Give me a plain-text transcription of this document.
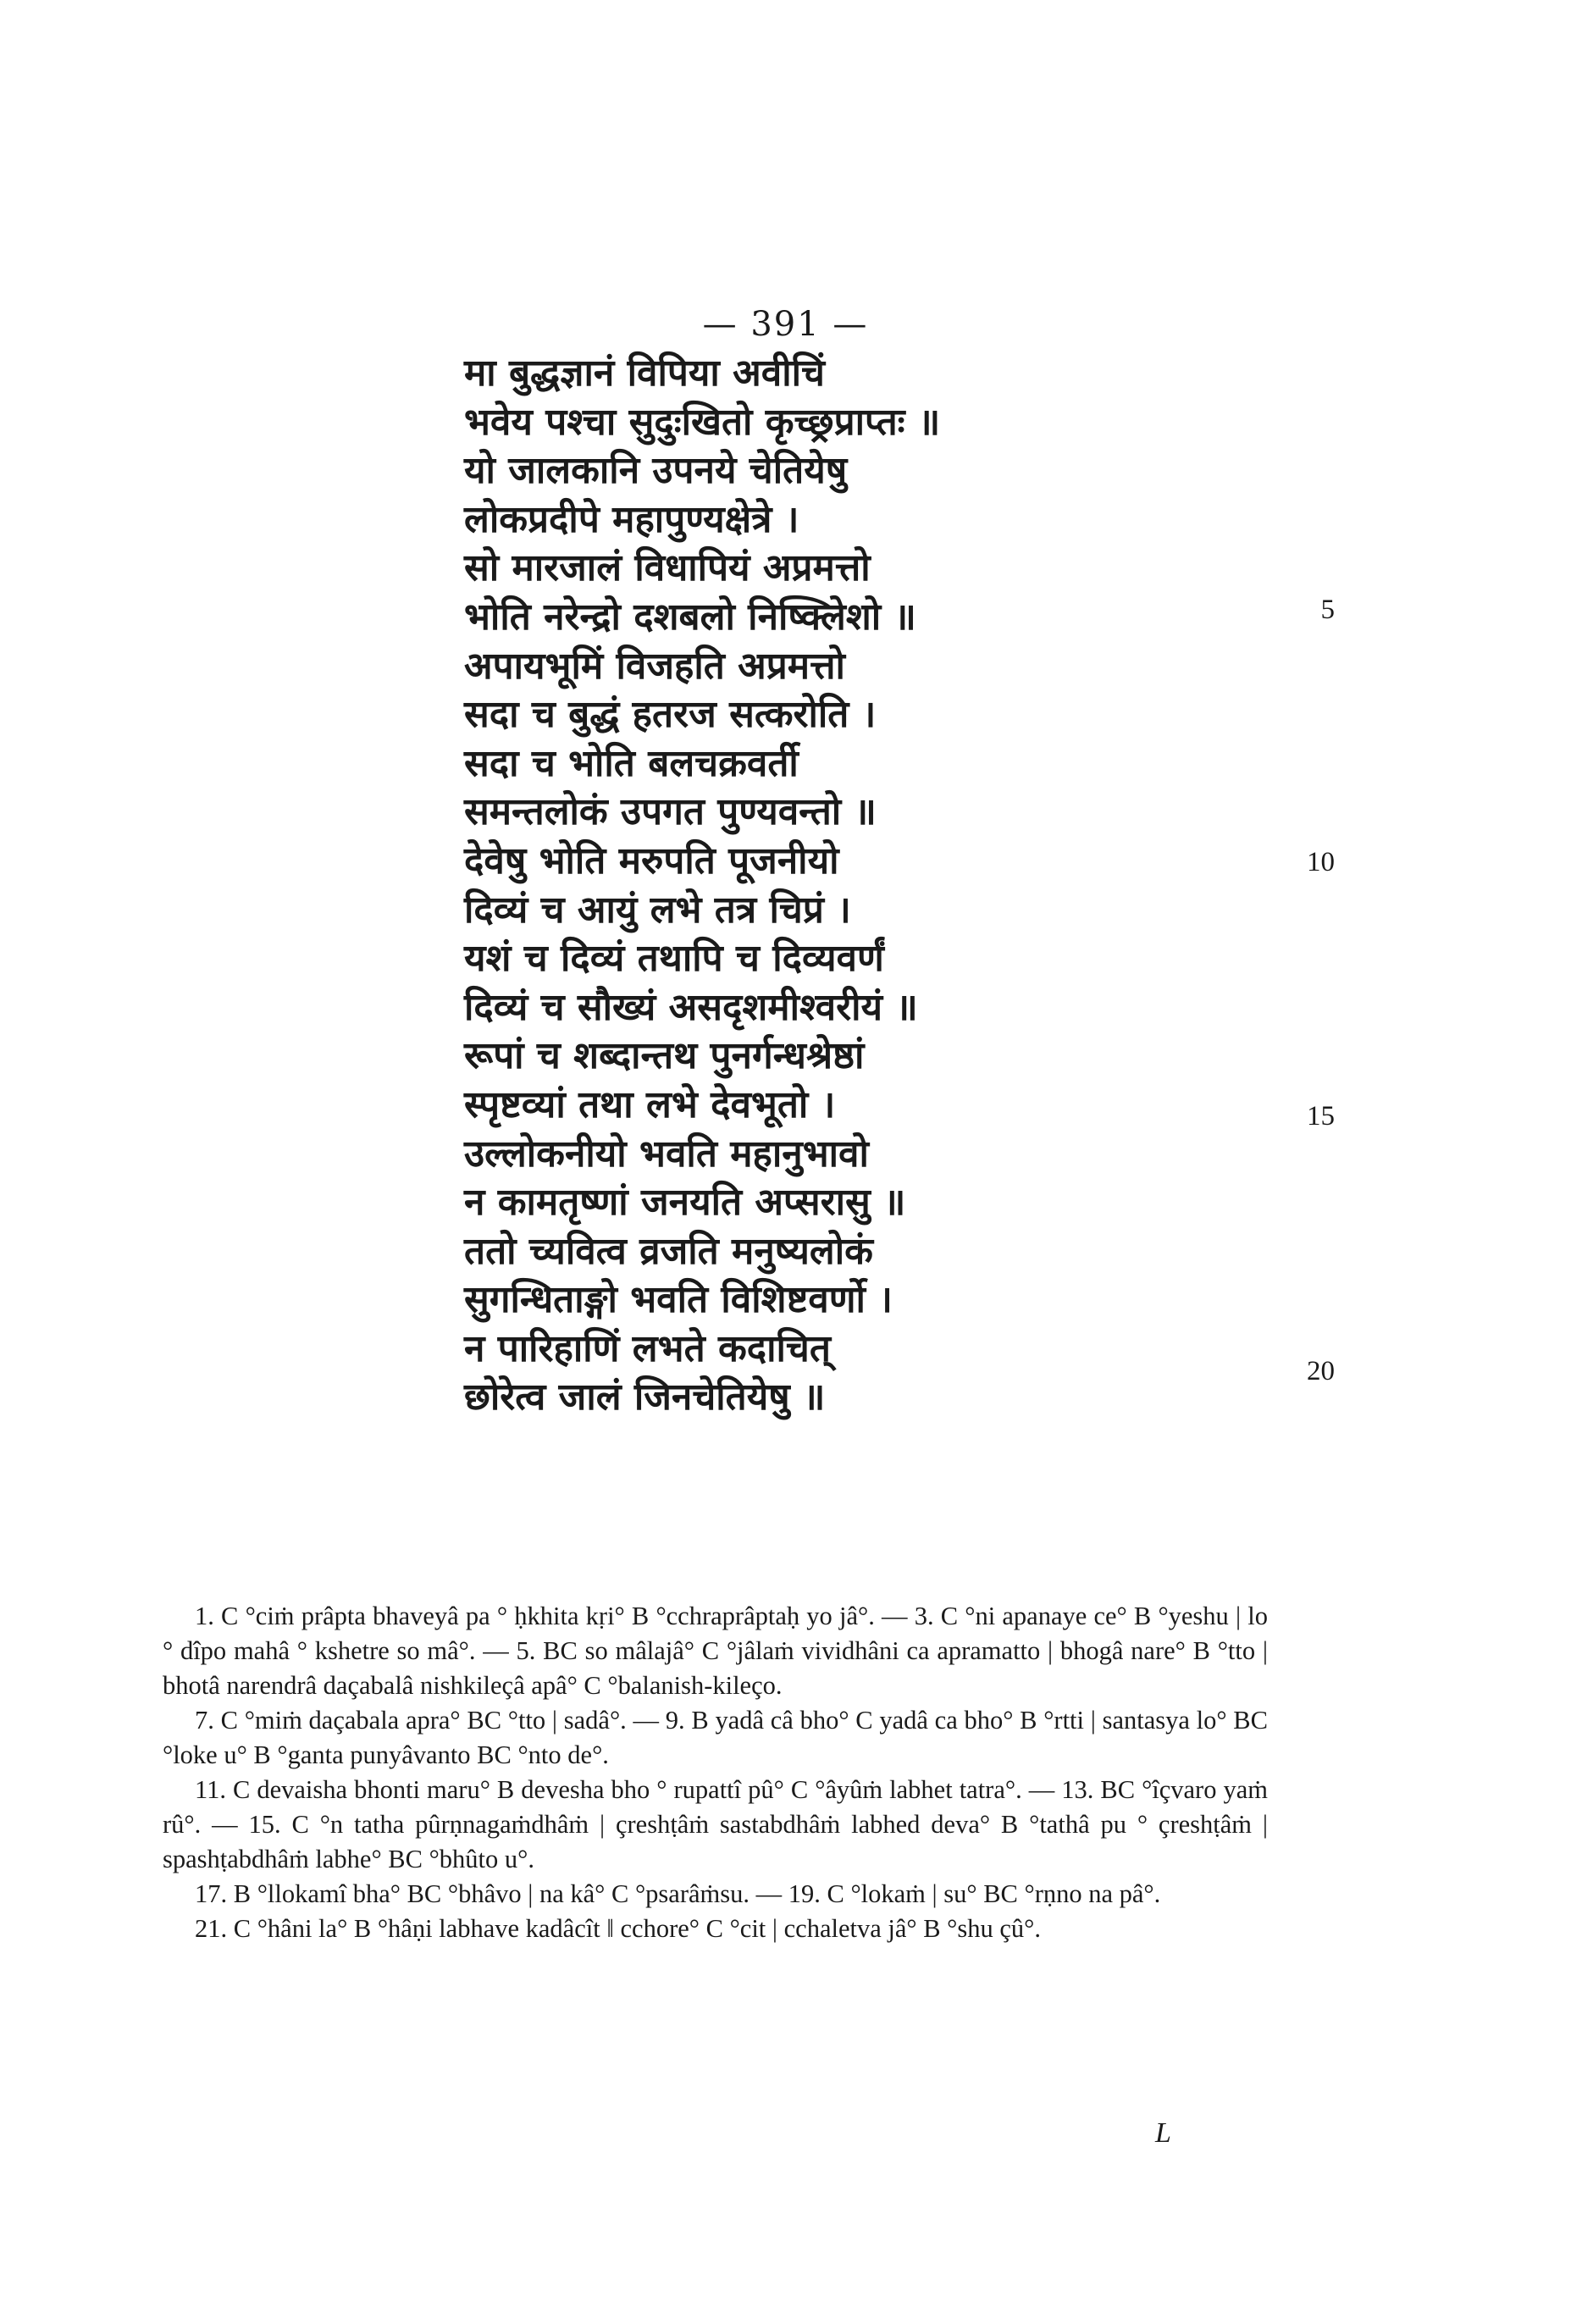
— 391 —
मा बुद्धज्ञानं विपिया अवीचिं
भवेय पश्चा सुदुःखितो कृच्छ्रप्राप्तः ॥
यो जालकानि उपनये चेतियेषु
लोकप्रदीपे महापुण्यक्षेत्रे ।
सो मारजालं विधापियं अप्रमत्तो
भोति नरेन्द्रो दशबलो निष्क्लिेशो ॥
अपायभूमिं विजहति अप्रमत्तो
सदा च बुद्धं हतरज सत्करोति ।
सदा च भोति बलचक्रवर्ती
समन्तलोकं उपगत पुण्यवन्तो ॥
देवेषु भोति मरुपति पूजनीयो
दिव्यं च आयुं लभे तत्र चिप्रं ।
यशं च दिव्यं तथापि च दिव्यवर्णं
दिव्यं च सौख्यं असदृशमीश्वरीयं ॥
रूपां च शब्दान्तथ पुनर्गन्धश्रेष्ठां
स्पृष्टव्यां तथा लभे देवभूतो ।
उल्लोकनीयो भवति महानुभावो
न कामतृष्णां जनयति अप्सरासु ॥
ततो च्यवित्व व्रजति मनुष्यलोकं
सुगन्धिताङ्गो भवति विशिष्टवर्णो ।
न पारिहाणिं लभते कदाचित्
छोरेत्व जालं जिनचेतियेषु ॥
5
10
15
20

1. C °ciṁ prâpta bhaveyâ pa ° ḥkhita kṛi° B °cchraprâptaḥ yo jâ°. — 3. C °ni apanaye ce° B °yeshu | lo ° dîpo mahâ ° kshetre so mâ°. — 5. BC so mâlajâ° C °jâlaṁ vividhâni ca apramatto | bhogâ nare° B °tto | bhotâ narendrâ daçabalâ nishkileçâ apâ° C °balanish-kileço.

7. C °miṁ daçabala apra° BC °tto | sadâ°. — 9. B yadâ câ bho° C yadâ ca bho° B °rtti | santasya lo° BC °loke u° B °ganta punyâvanto BC °nto de°.

11. C devaisha bhonti maru° B devesha bho ° rupattî pû° C °âyûṁ labhet tatra°. — 13. BC °îçvaro yaṁ rû°. — 15. C °n tatha pûrṇnagaṁdhâṁ | çreshṭâṁ sastabdhâṁ labhed deva° B °tathâ pu ° çreshṭâṁ | spashṭabdhâṁ labhe° BC °bhûto u°.

17. B °llokamî bha° BC °bhâvo | na kâ° C °psarâṁsu. — 19. C °lokaṁ | su° BC °rṇno na pâ°.

21. C °hâni la° B °hâṇi labhave kadâcît ‖ cchore° C °cit | cchaletva jâ° B °shu çû°.

L
